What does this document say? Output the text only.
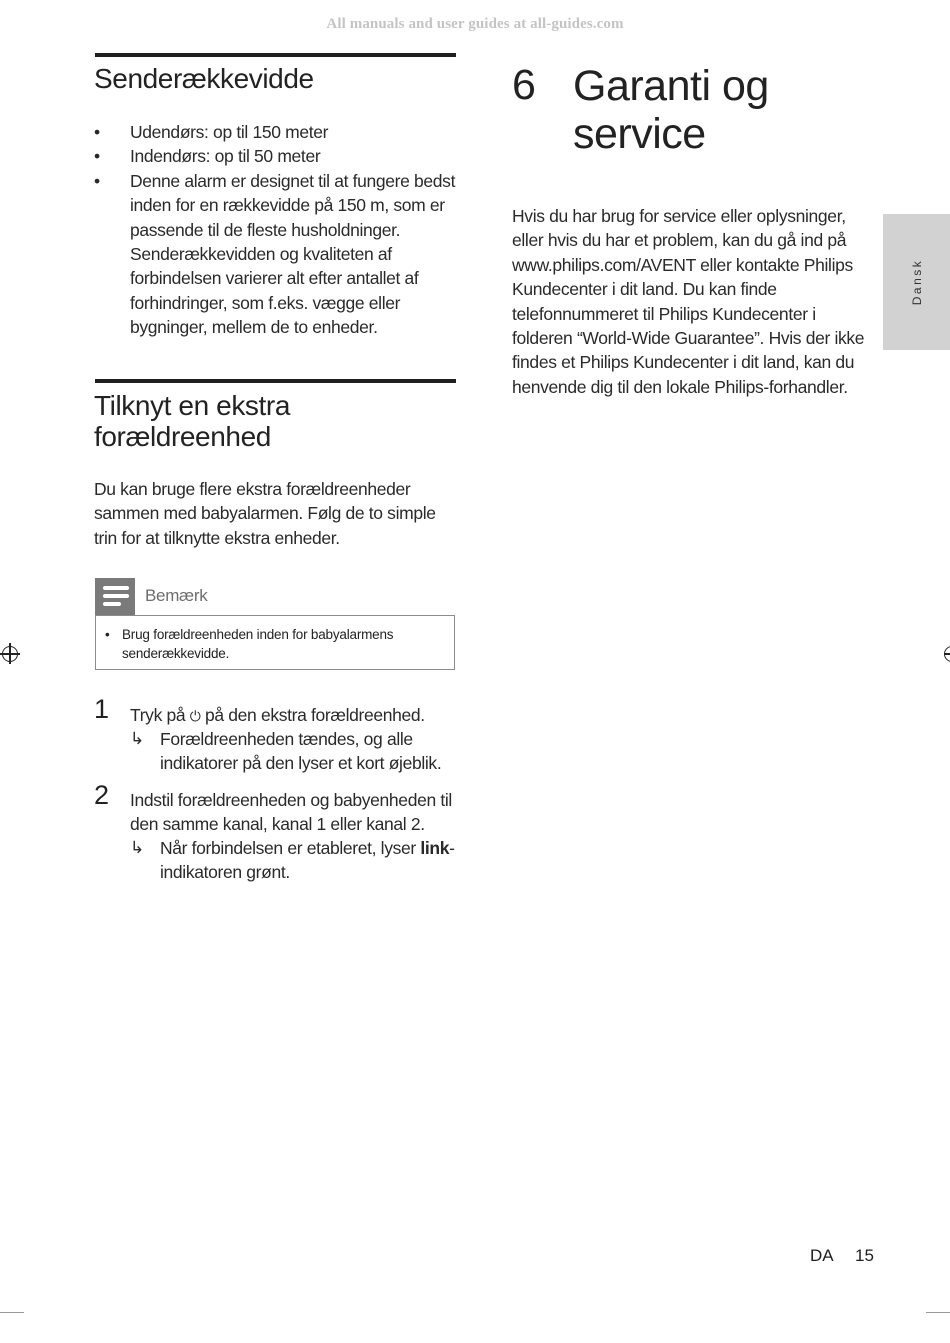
All manuals and user guides at all-guides.com
Senderækkevidde
• Udendørs: op til 150 meter
• Indendørs: op til 50 meter
• Denne alarm er designet til at fungere bedst inden for en rækkevidde på 150 m, som er passende til de fleste husholdninger. Senderækkevidden og kvaliteten af forbindelsen varierer alt efter antallet af forhindringer, som f.eks. vægge eller bygninger, mellem de to enheder.
Tilknyt en ekstra forældreenhed
Du kan bruge flere ekstra forældreenheder sammen med babyalarmen. Følg de to simple trin for at tilknytte ekstra enheder.
Bemærk
• Brug forældreenheden inden for babyalarmens senderækkevidde.
1 Tryk på ⏻ på den ekstra forældreenhed.
↳ Forældreenheden tændes, og alle indikatorer på den lyser et kort øjeblik.
2 Indstil forældreenheden og babyenheden til den samme kanal, kanal 1 eller kanal 2.
↳ Når forbindelsen er etableret, lyser link-indikatoren grønt.
6 Garanti og service
Hvis du har brug for service eller oplysninger, eller hvis du har et problem, kan du gå ind på www.philips.com/AVENT eller kontakte Philips Kundecenter i dit land. Du kan finde telefonnummeret til Philips Kundecenter i folderen “World-Wide Guarantee”. Hvis der ikke findes et Philips Kundecenter i dit land, kan du henvende dig til den lokale Philips-forhandler.
Dansk
DA 15
